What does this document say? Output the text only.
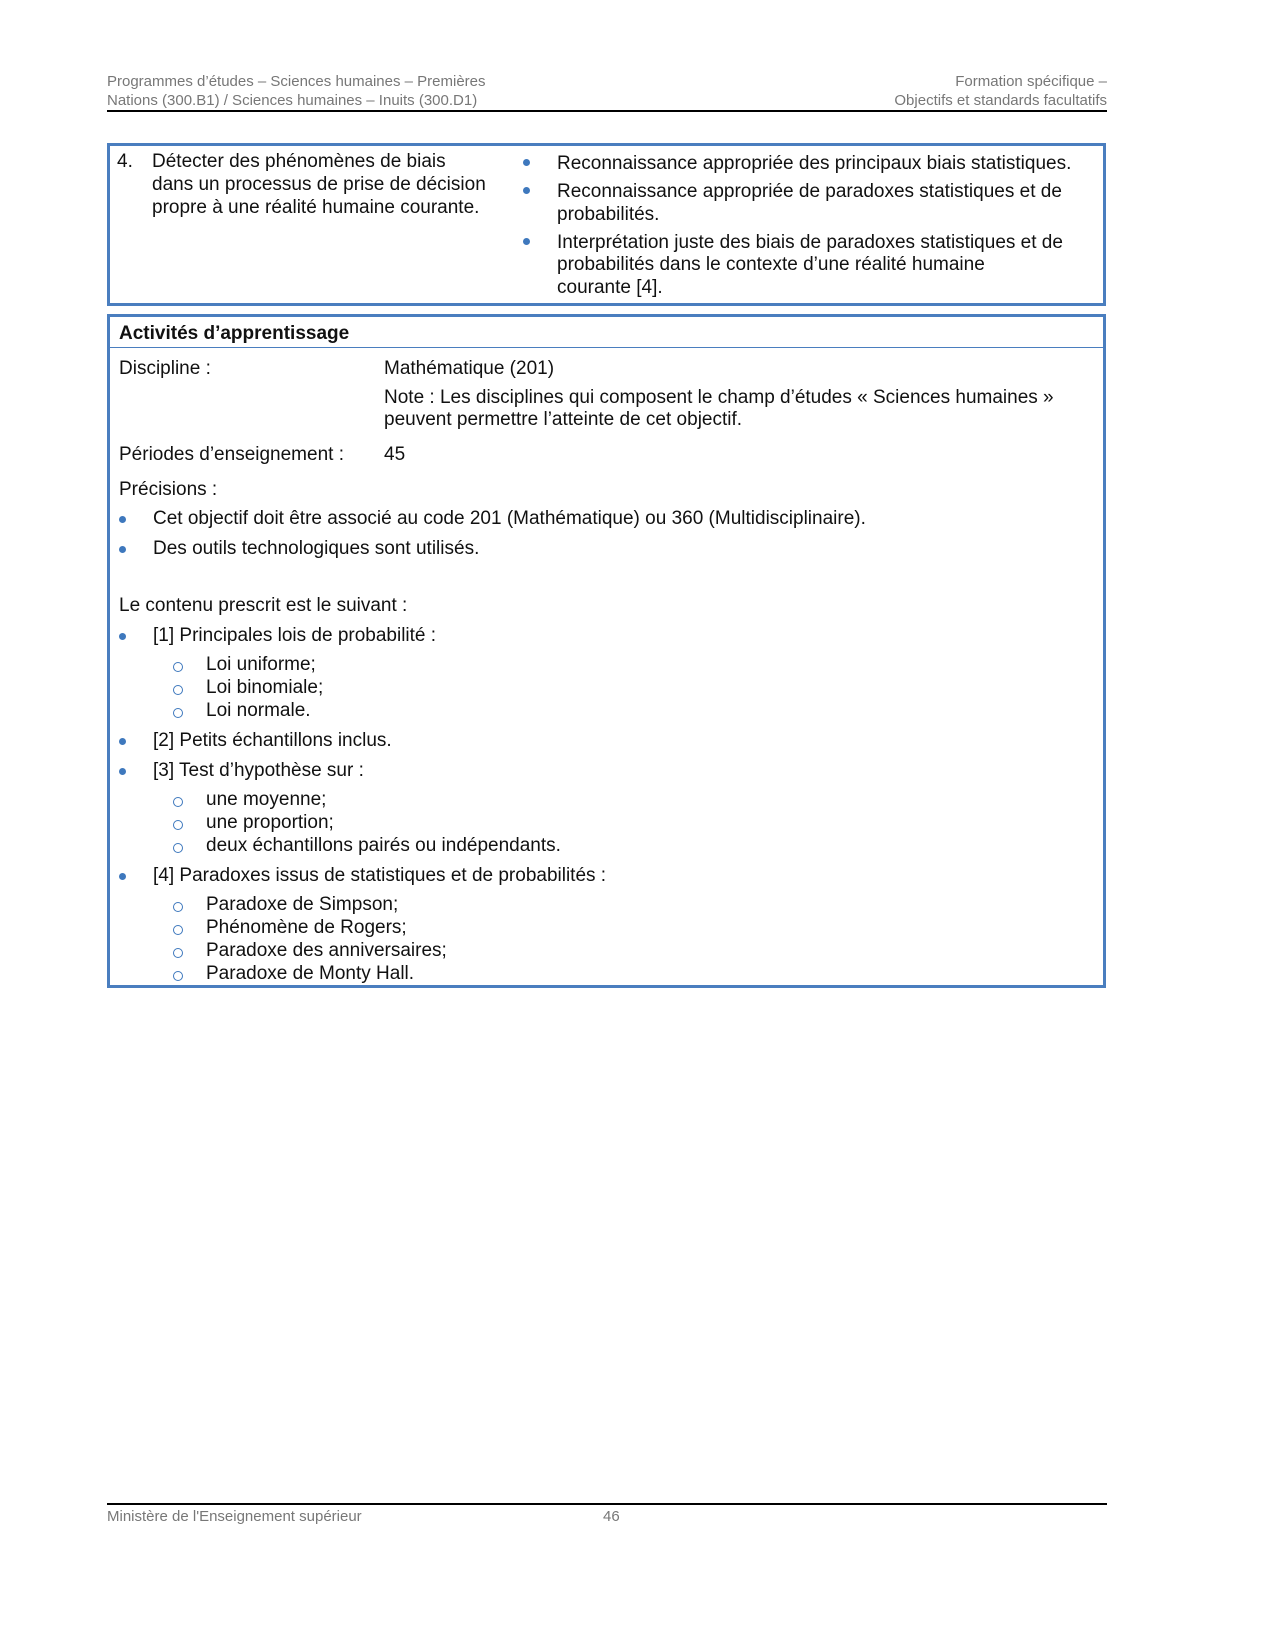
Programmes d’études – Sciences humaines – Premières
Nations (300.B1) / Sciences humaines – Inuits (300.D1)
Formation spécifique –
Objectifs et standards facultatifs
4. Détecter des phénomènes de biais
dans un processus de prise de décision
propre à une réalité humaine courante.
Reconnaissance appropriée des principaux biais statistiques.
Reconnaissance appropriée de paradoxes statistiques et de
probabilités.
Interprétation juste des biais de paradoxes statistiques et de
probabilités dans le contexte d’une réalité humaine
courante [4].
Activités d’apprentissage
Discipline :	Mathématique (201)
Note : Les disciplines qui composent le champ d’études « Sciences humaines »
peuvent permettre l’atteinte de cet objectif.
Périodes d’enseignement : 45
Précisions :
Cet objectif doit être associé au code 201 (Mathématique) ou 360 (Multidisciplinaire).
Des outils technologiques sont utilisés.
Le contenu prescrit est le suivant :
[1] Principales lois de probabilité :
Loi uniforme;
Loi binomiale;
Loi normale.
[2] Petits échantillons inclus.
[3] Test d’hypothèse sur :
une moyenne;
une proportion;
deux échantillons pairés ou indépendants.
[4] Paradoxes issus de statistiques et de probabilités :
Paradoxe de Simpson;
Phénomène de Rogers;
Paradoxe des anniversaires;
Paradoxe de Monty Hall.
Ministère de l'Enseignement supérieur	46
